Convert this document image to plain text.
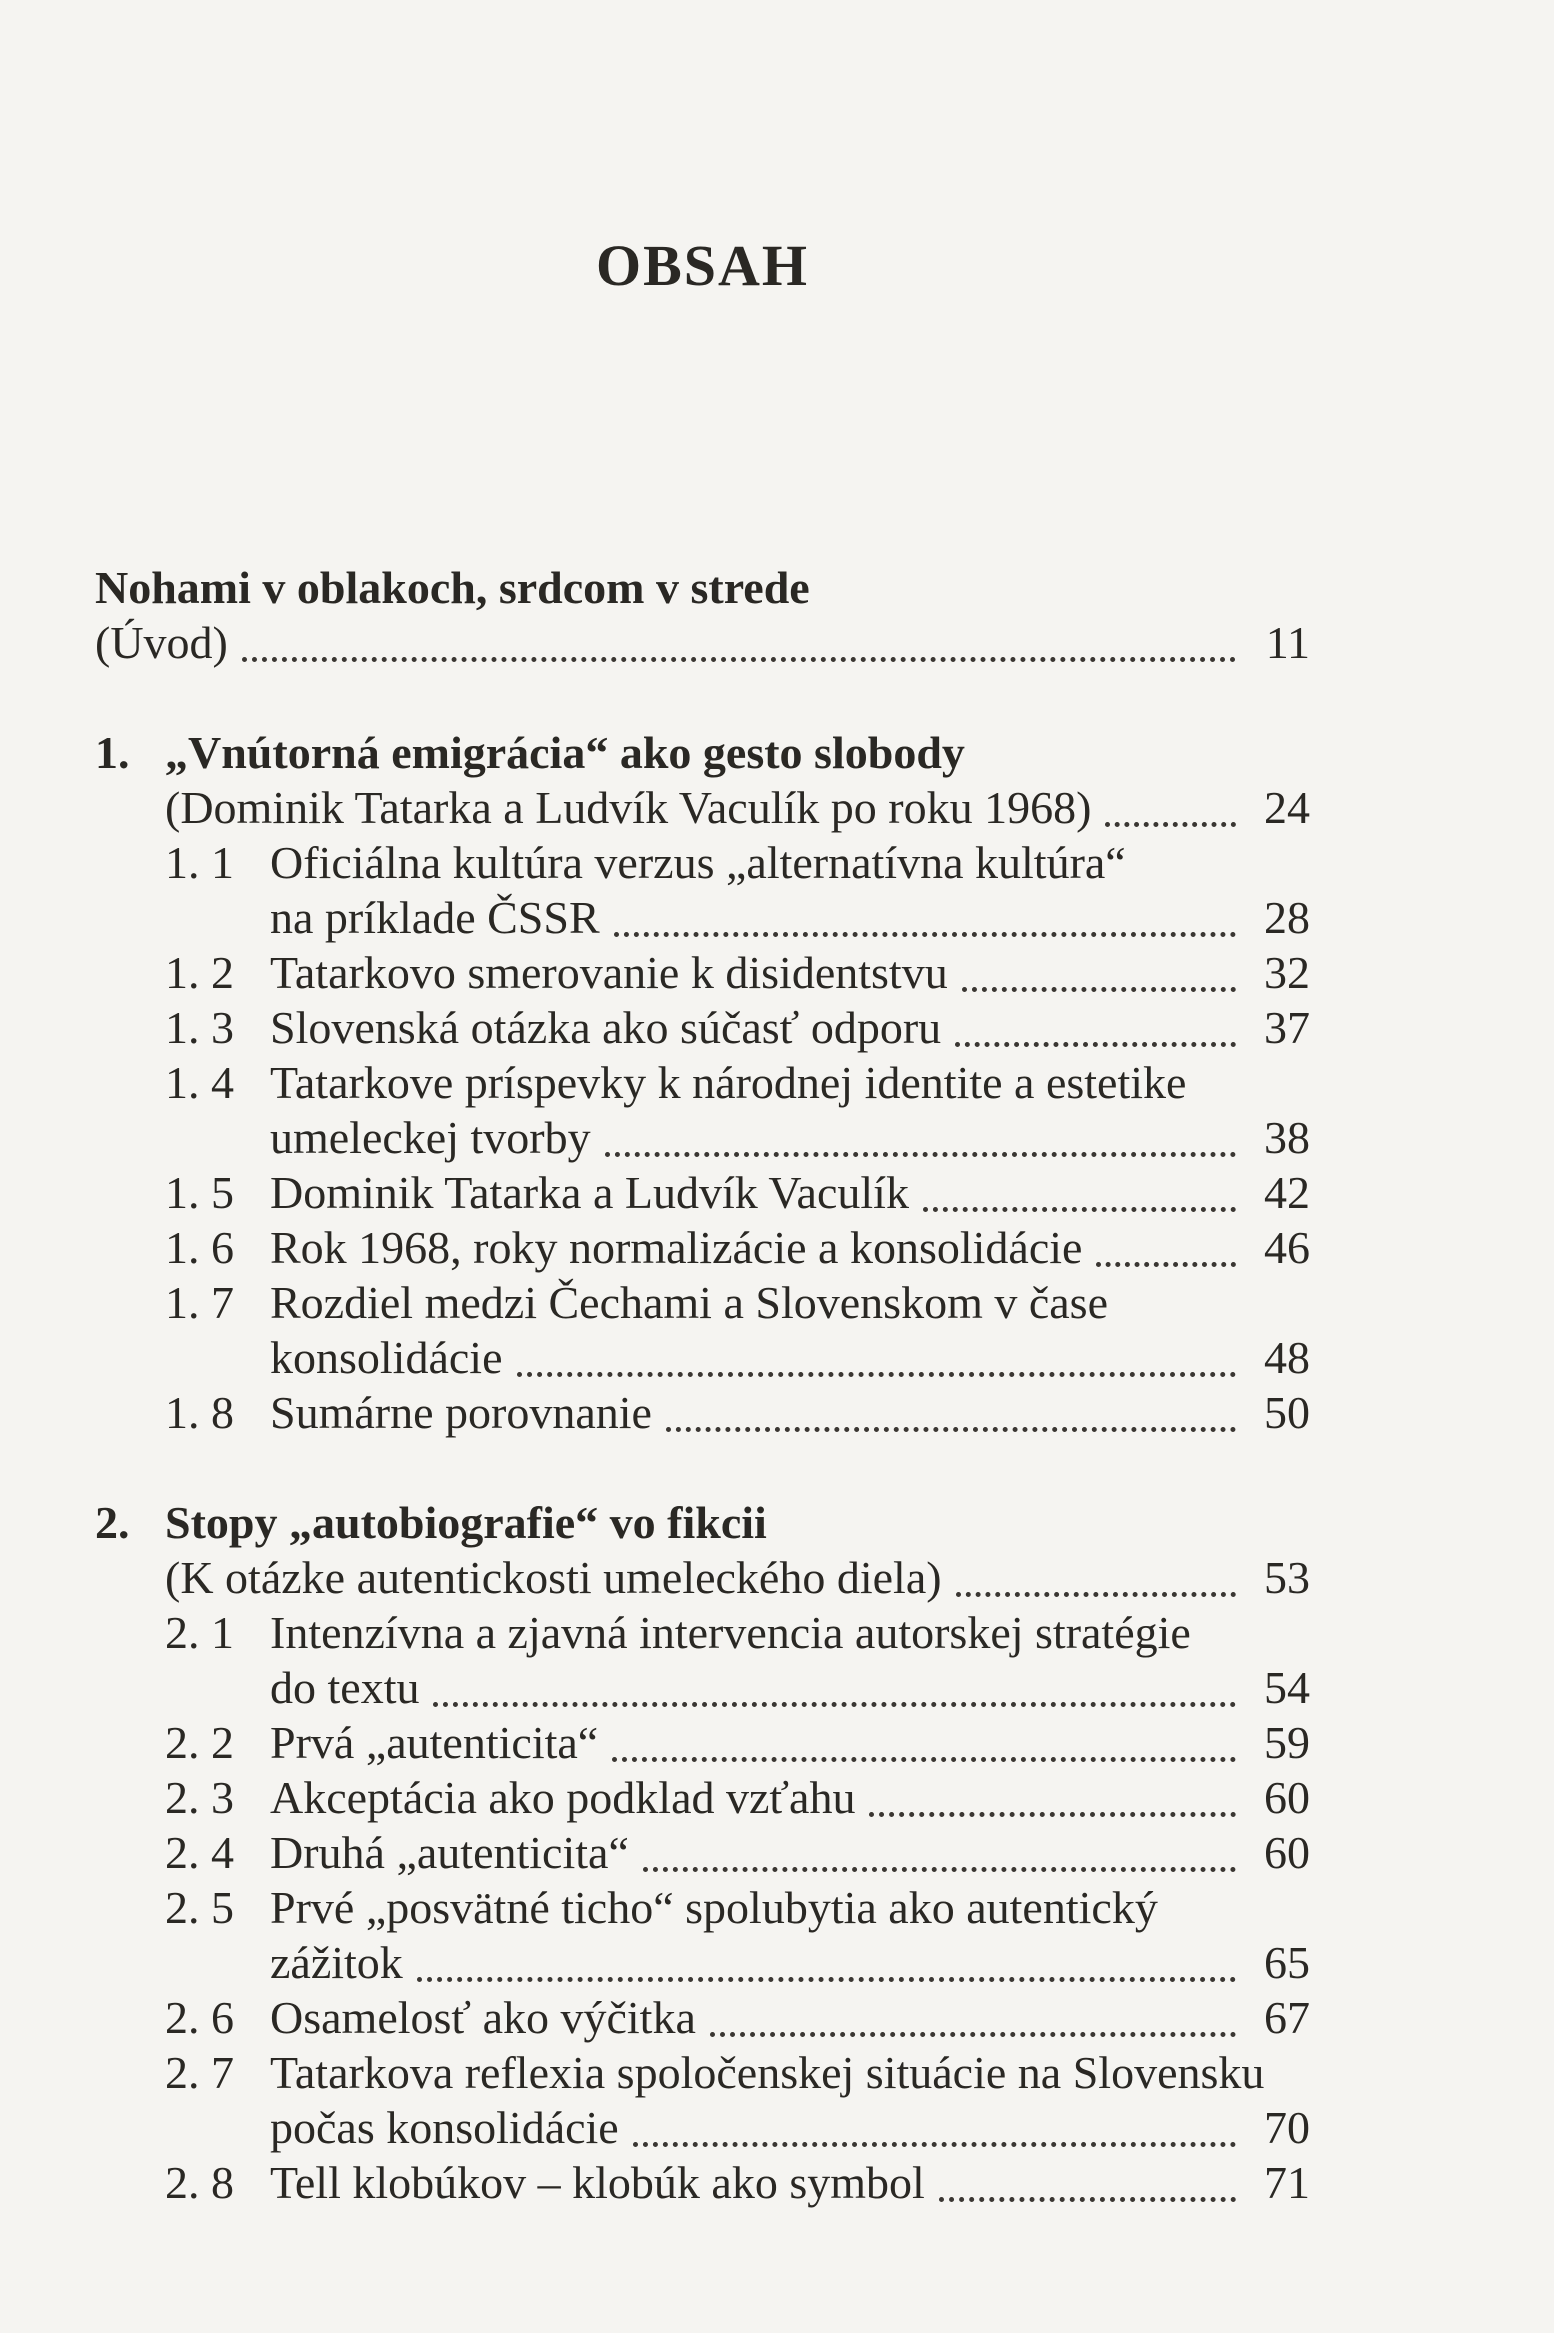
OBSAH
Nohami v oblakoch, srdcom v strede
(Úvod)	11
1. „Vnútorná emigrácia“ ako gesto slobody
(Dominik Tatarka a Ludvík Vaculík po roku 1968)	24
1. 1 Oficiálna kultúra verzus „alternatívna kultúra“
na príklade ČSSR	28
1. 2 Tatarkovo smerovanie k disidentstvu	32
1. 3 Slovenská otázka ako súčasť odporu	37
1. 4 Tatarkove príspevky k národnej identite a estetike
umeleckej tvorby	38
1. 5 Dominik Tatarka a Ludvík Vaculík	42
1. 6 Rok 1968, roky normalizácie a konsolidácie	46
1. 7 Rozdiel medzi Čechami a Slovenskom v čase
konsolidácie	48
1. 8 Sumárne porovnanie	50
2. Stopy „autobiografie“ vo fikcii
(K otázke autentickosti umeleckého diela)	53
2. 1 Intenzívna a zjavná intervencia autorskej stratégie
do textu	54
2. 2 Prvá „autenticita“	59
2. 3 Akceptácia ako podklad vzťahu	60
2. 4 Druhá „autenticita“	60
2. 5 Prvé „posvätné ticho“ spolubytia ako autentický
zážitok	65
2. 6 Osamelosť ako výčitka	67
2. 7 Tatarkova reflexia spoločenskej situácie na Slovensku
počas konsolidácie	70
2. 8 Tell klobúkov – klobúk ako symbol	71
